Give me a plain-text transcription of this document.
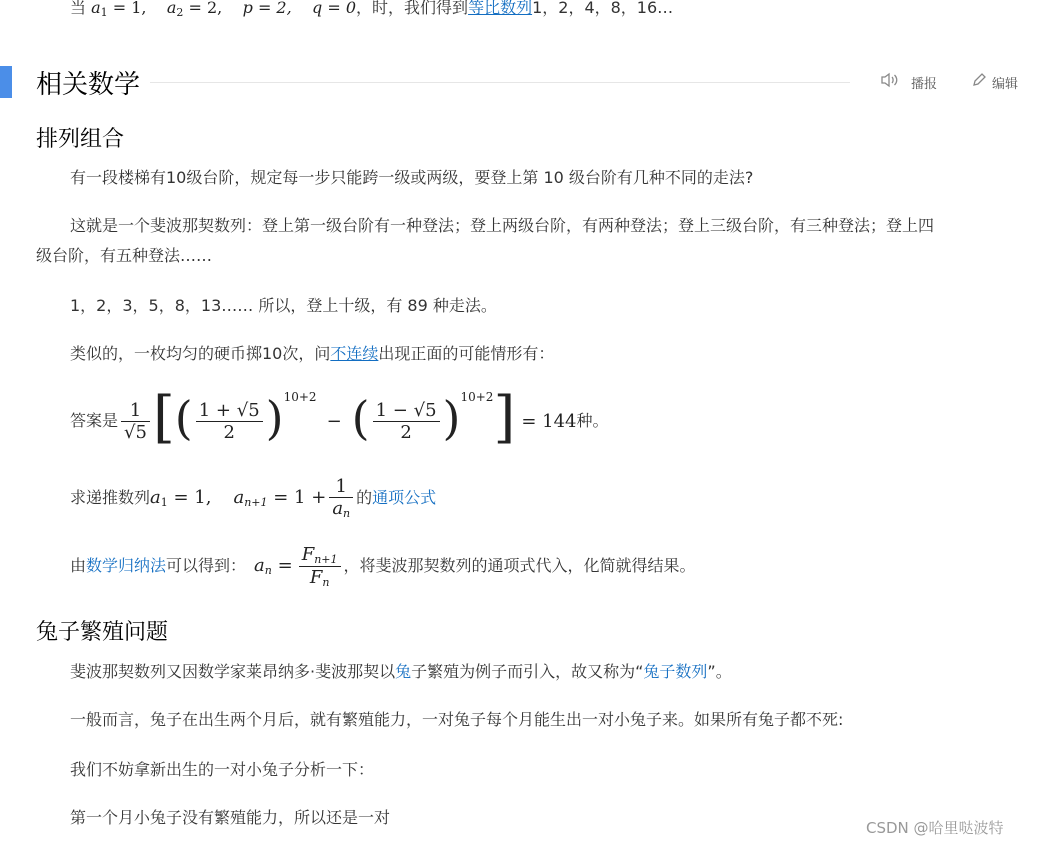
当 $a_1 = 1$, $a_2 = 2$, p = 2, q = 0，时，我们得到等比数列1，2，4，8，16…
相关数学	播报	编辑
排列组合
有一段楼梯有10级台阶，规定每一步只能跨一级或两级，要登上第 10 级台阶有几种不同的走法?
这就是一个斐波那契数列：登上第一级台阶有一种登法；登上两级台阶，有两种登法；登上三级台阶，有三种登法；登上四
级台阶，有五种登法……
1，2，3，5，8，13…… 所以，登上十级，有 89 种走法。
类似的，一枚均匀的硬币掷10次，问不连续出现正面的可能情形有：
答案是 $\frac{1}{√5}$ [ ( $\frac{1 + √5}{2}$ ) 10+2
− ( $\frac{1 - √5}{2}$ ) 10+2 ] = 144 种。
求递推数列 $a_1 = 1$, $a_{n+1} = 1 + \frac{1}{a_n}$ 的 通项公式
由 数学归纳法 可以得到： $a_n = \frac{F_{n+1}}{F_n}$ ，将斐波那契数列的通项式代入，化简就得结果。
兔子繁殖问题
斐波那契数列又因数学家莱昂纳多·斐波那契以兔子繁殖为例子而引入，故又称为“兔子数列”。
一般而言，兔子在出生两个月后，就有繁殖能力，一对兔子每个月能生出一对小兔子来。如果所有兔子都不死:
我们不妨拿新出生的一对小兔子分析一下：
第一个月小兔子没有繁殖能力，所以还是一对
CSDN @哈里哒波特
